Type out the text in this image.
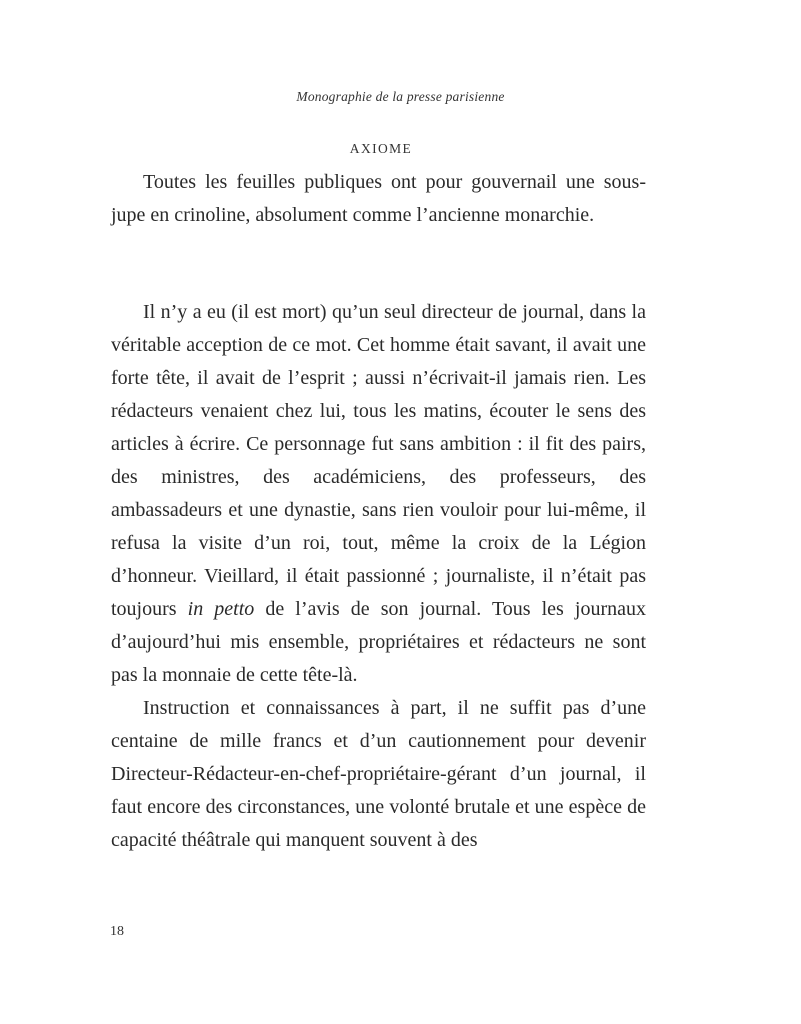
Monographie de la presse parisienne
AXIOME

Toutes les feuilles publiques ont pour gouvernail une sous-jupe en crinoline, absolument comme l’ancienne monarchie.

Il n’y a eu (il est mort) qu’un seul directeur de journal, dans la véritable acception de ce mot. Cet homme était savant, il avait une forte tête, il avait de l’esprit ; aussi n’écrivait-il jamais rien. Les rédacteurs venaient chez lui, tous les matins, écouter le sens des articles à écrire. Ce personnage fut sans ambition : il fit des pairs, des ministres, des académiciens, des professeurs, des ambassadeurs et une dynastie, sans rien vouloir pour lui-même, il refusa la visite d’un roi, tout, même la croix de la Légion d’honneur. Vieillard, il était passionné ; journaliste, il n’était pas toujours in petto de l’avis de son journal. Tous les journaux d’aujourd’hui mis ensemble, propriétaires et rédacteurs ne sont pas la monnaie de cette tête-là.

Instruction et connaissances à part, il ne suffit pas d’une centaine de mille francs et d’un cautionnement pour devenir Directeur-Rédacteur-en-chef-propriétaire-gérant d’un journal, il faut encore des circonstances, une volonté brutale et une espèce de capacité théâtrale qui manquent souvent à des

18
